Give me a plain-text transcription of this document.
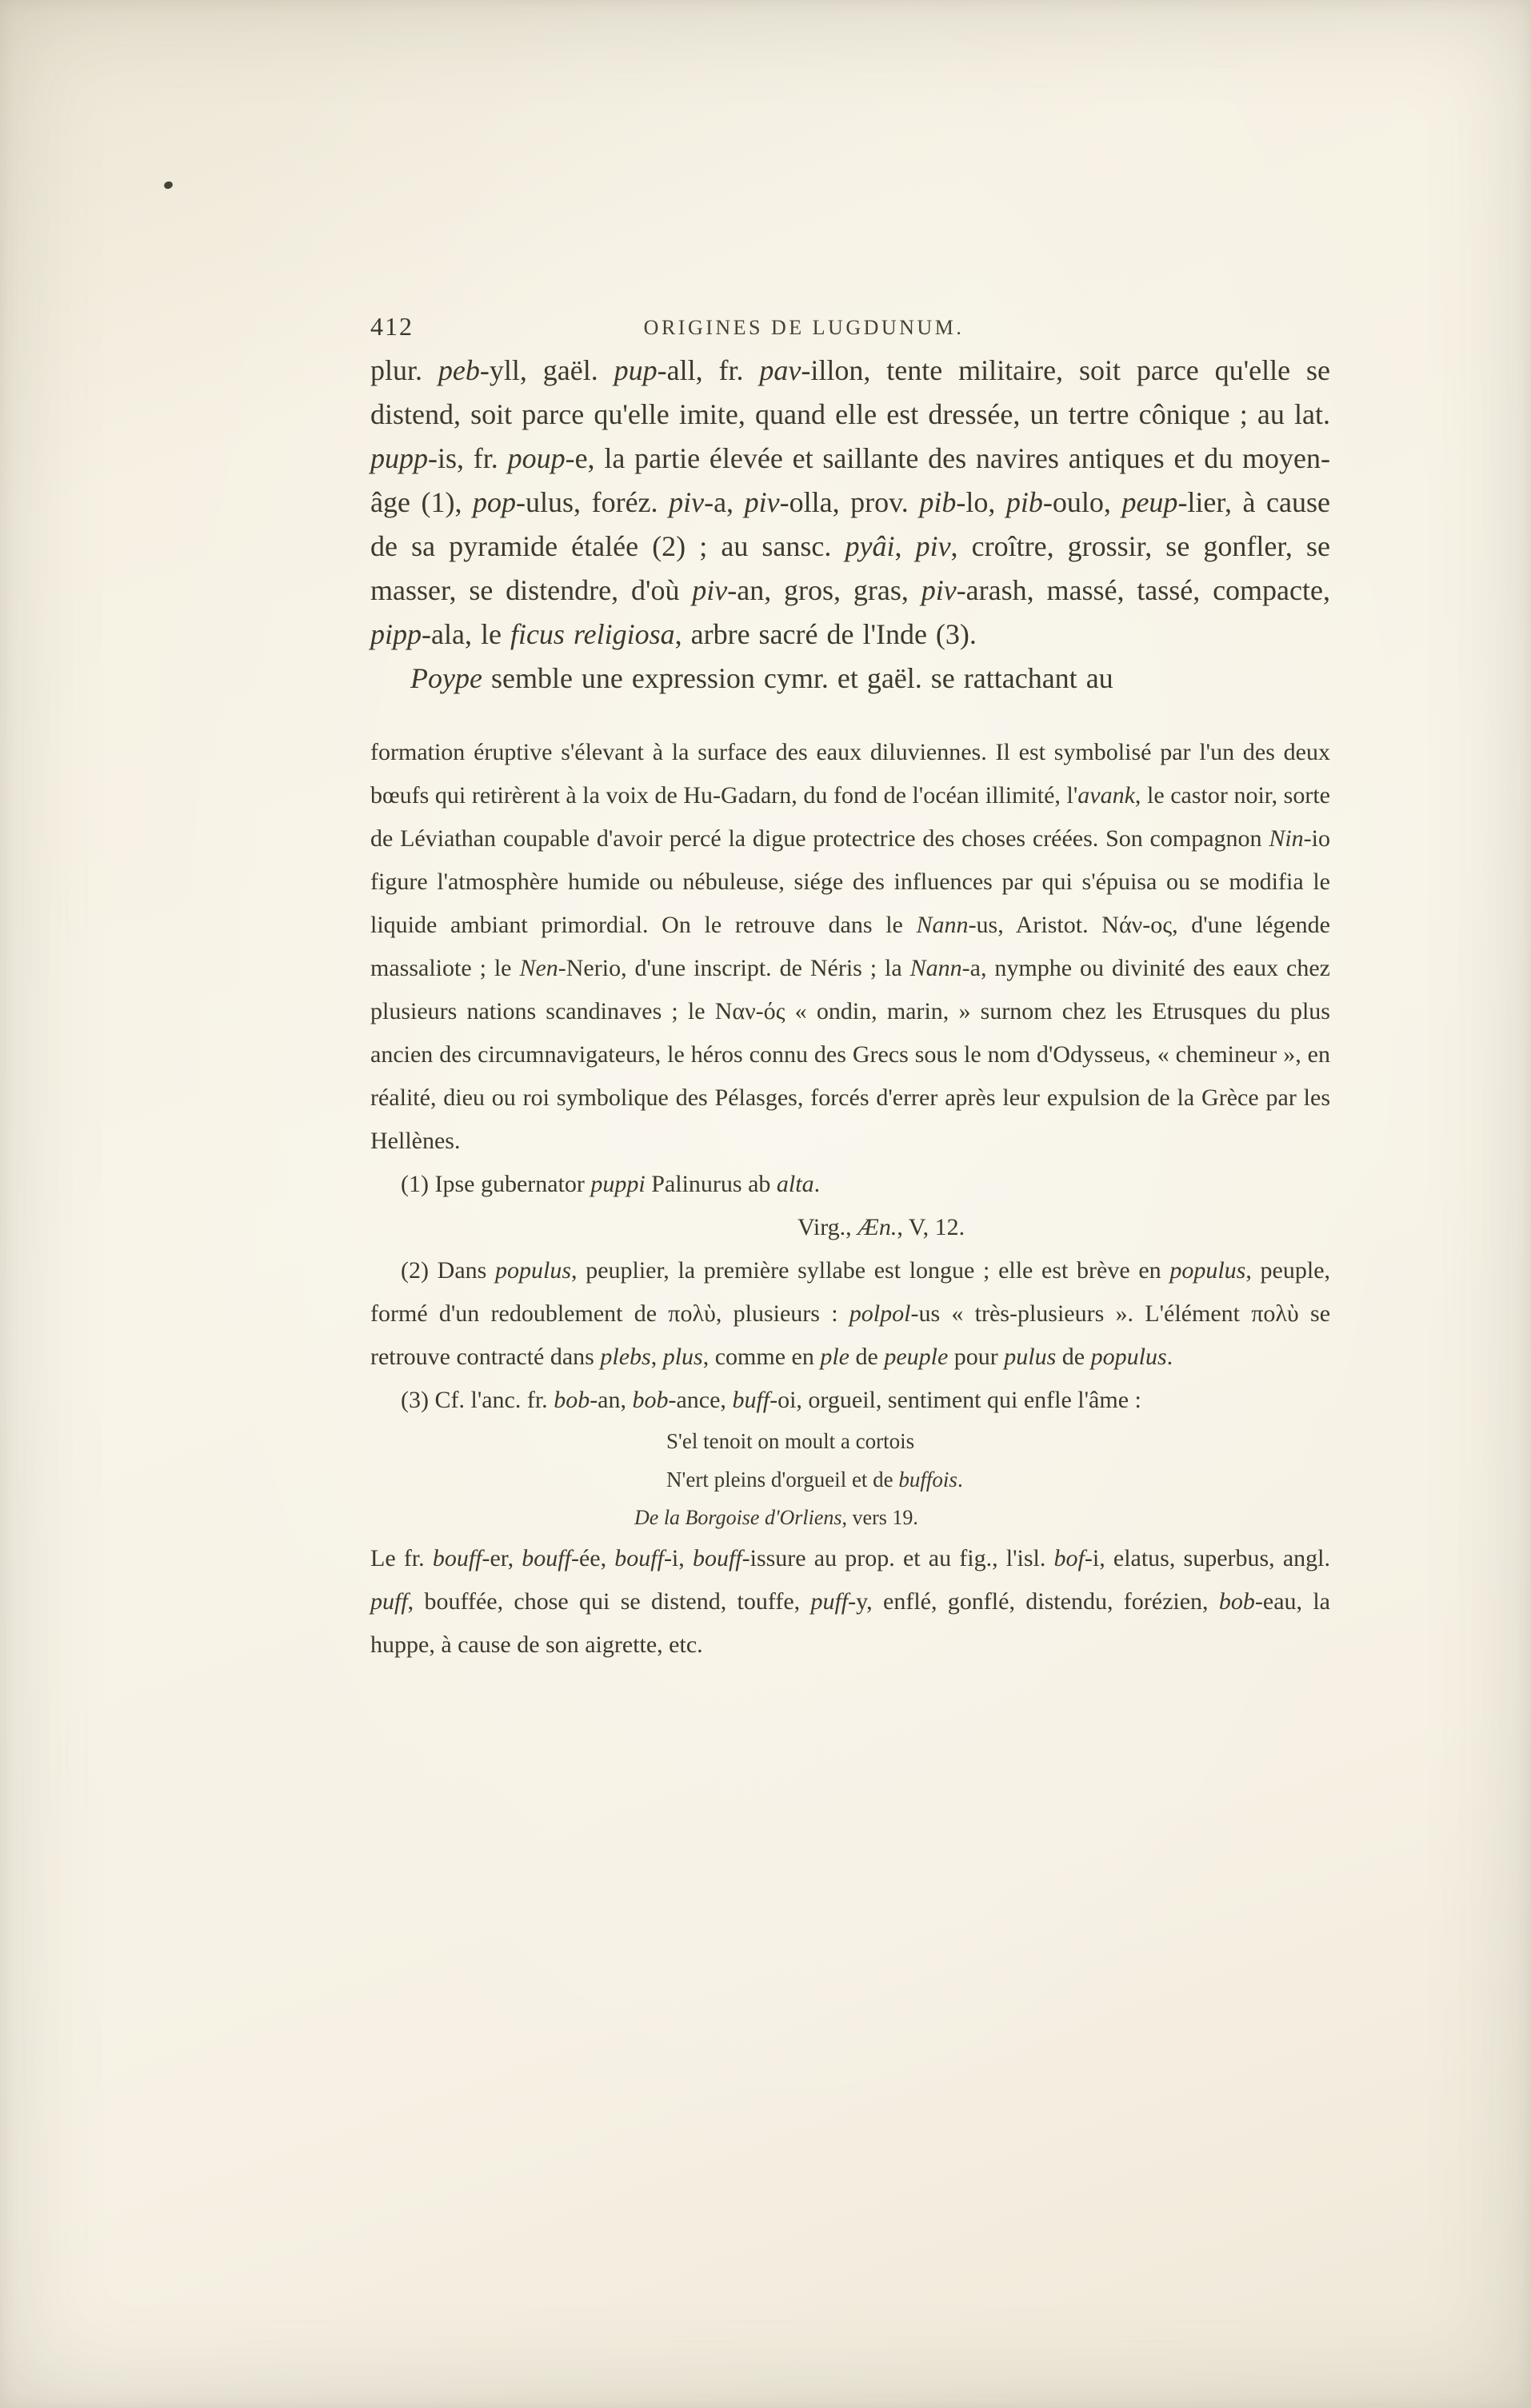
412	ORIGINES DE LUGDUNUM.

plur. peb-yll, gaël. pup-all, fr. pav-illon, tente militaire, soit parce qu'elle se distend, soit parce qu'elle imite, quand elle est dressée, un tertre cônique ; au lat. pupp-is, fr. poup-e, la partie élevée et saillante des navires antiques et du moyen-âge (1), pop-ulus, foréz. piv-a, piv-olla, prov. pib-lo, pib-oulo, peup-lier, à cause de sa pyramide étalée (2) ; au sansc. pyâi, piv, croître, grossir, se gonfler, se masser, se distendre, d'où piv-an, gros, gras, piv-arash, massé, tassé, compacte, pipp-ala, le ficus religiosa, arbre sacré de l'Inde (3).

Poype semble une expression cymr. et gaël. se rattachant au

formation éruptive s'élevant à la surface des eaux diluviennes. Il est symbolisé par l'un des deux bœufs qui retirèrent à la voix de Hu-Gadarn, du fond de l'océan illimité, l'avank, le castor noir, sorte de Léviathan coupable d'avoir percé la digue protectrice des choses créées. Son compagnon Nin-io figure l'atmosphère humide ou nébuleuse, siége des influences par qui s'épuisa ou se modifia le liquide ambiant primordial. On le retrouve dans le Nann-us, Aristot. Νάν-ος, d'une légende massaliote ; le Nen-Nerio, d'une inscript. de Néris ; la Nann-a, nymphe ou divinité des eaux chez plusieurs nations scandinaves ; le Ναν-ός « ondin, marin, » surnom chez les Etrusques du plus ancien des circumnavigateurs, le héros connu des Grecs sous le nom d'Odysseus, « chemineur », en réalité, dieu ou roi symbolique des Pélasges, forcés d'errer après leur expulsion de la Grèce par les Hellènes.

(1) Ipse gubernator puppi Palinurus ab alta.

Virg., Æn., V, 12.

(2) Dans populus, peuplier, la première syllabe est longue ; elle est brève en populus, peuple, formé d'un redoublement de πολὺ, plusieurs : polpol-us « très-plusieurs ». L'élément πολὺ se retrouve contracté dans plebs, plus, comme en ple de peuple pour pulus de populus.

(3) Cf. l'anc. fr. bob-an, bob-ance, buff-oi, orgueil, sentiment qui enfle l'âme :

S'el tenoit on moult a cortois

N'ert pleins d'orgueil et de buffois.

De la Borgoise d'Orliens, vers 19.

Le fr. bouff-er, bouff-ée, bouff-i, bouff-issure au prop. et au fig., l'isl. bof-i, elatus, superbus, angl. puff, bouffée, chose qui se distend, touffe, puff-y, enflé, gonflé, distendu, forézien, bob-eau, la huppe, à cause de son aigrette, etc.
